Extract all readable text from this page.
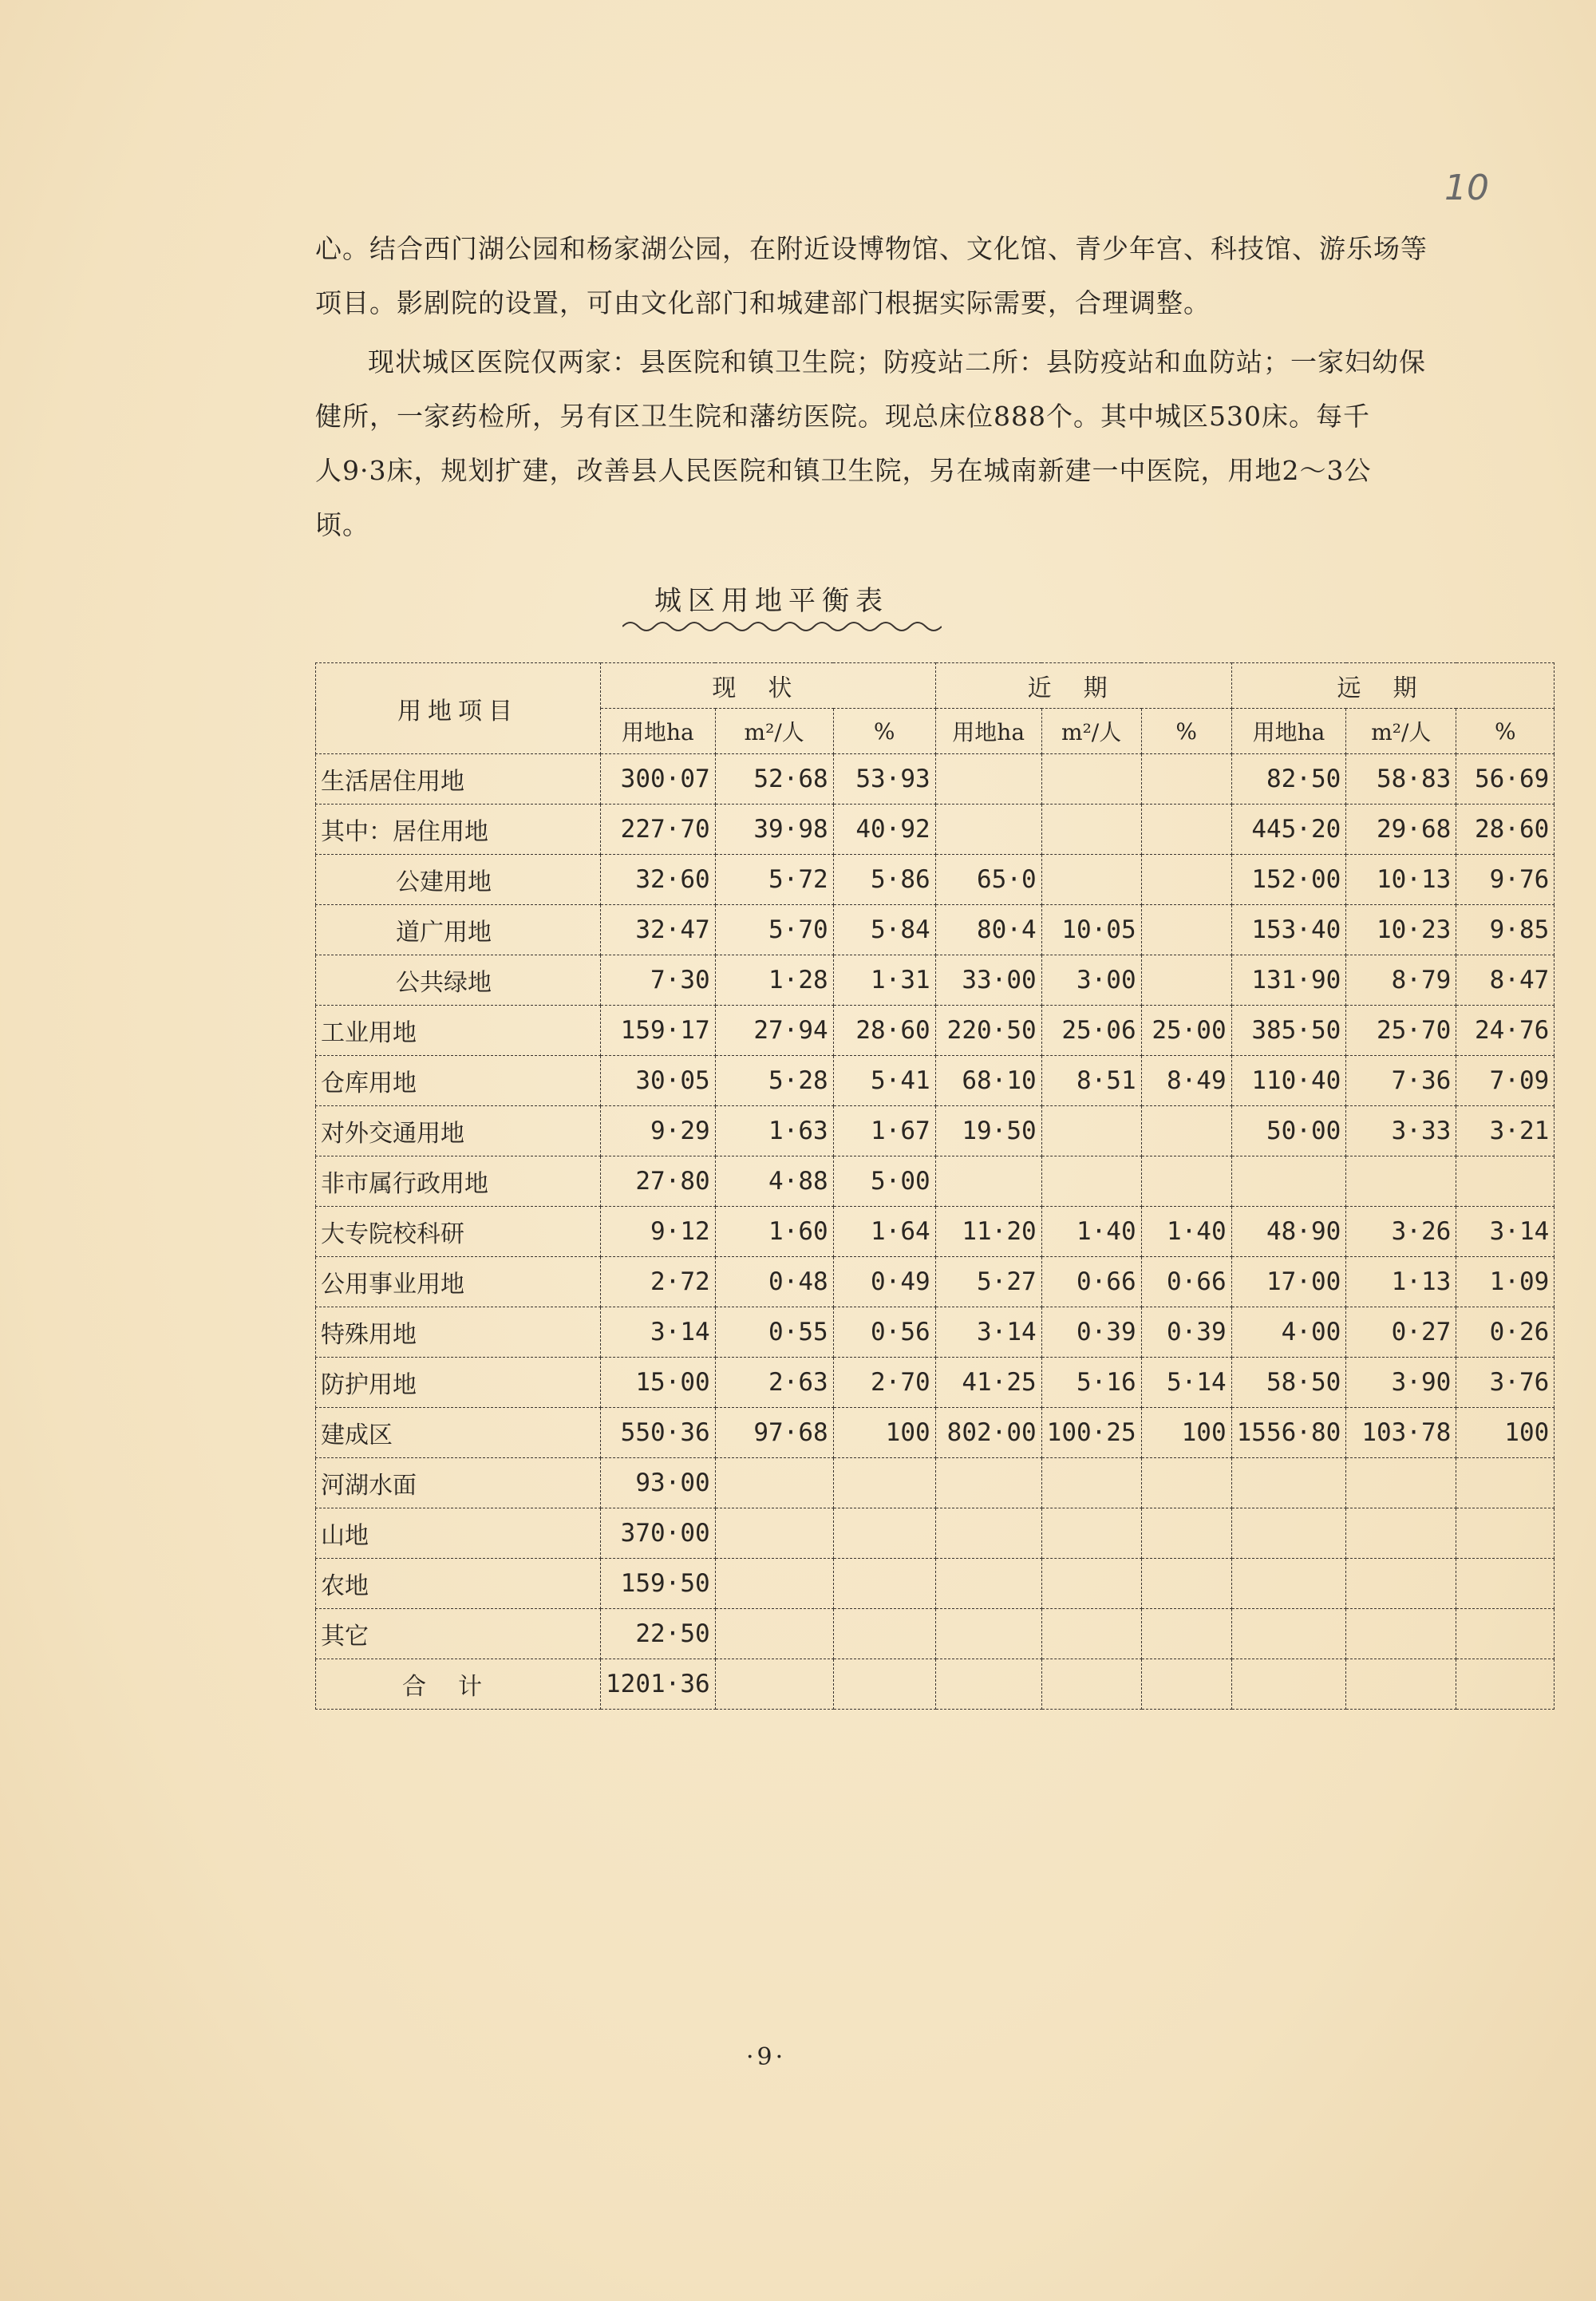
10

心。结合西门湖公园和杨家湖公园，在附近设博物馆、文化馆、青少年宫、科技馆、游乐场等

项目。影剧院的设置，可由文化部门和城建部门根据实际需要，合理调整。

现状城区医院仅两家：县医院和镇卫生院；防疫站二所：县防疫站和血防站；一家妇幼保

健所，一家药检所，另有区卫生院和藩纺医院。现总床位888个。其中城区530床。每千

人9·3床，规划扩建，改善县人民医院和镇卫生院，另在城南新建一中医院，用地2～3公

顷。

城区用地平衡表
用地项目	现状			近期			远期		
	用地ha	m²/人	%	用地ha	m²/人	%	用地ha	m²/人	%
生活居住用地	300·07	52·68	53·93				82·50	58·83	56·69
其中：居住用地	227·70	39·98	40·92				445·20	29·68	28·60
公建用地	32·60	5·72	5·86	65·0			152·00	10·13	9·76
道广用地	32·47	5·70	5·84	80·4	10·05		153·40	10·23	9·85
公共绿地	7·30	1·28	1·31	33·00	3·00		131·90	8·79	8·47
工业用地	159·17	27·94	28·60	220·50	25·06	25·00	385·50	25·70	24·76
仓库用地	30·05	5·28	5·41	68·10	8·51	8·49	110·40	7·36	7·09
对外交通用地	9·29	1·63	1·67	19·50			50·00	3·33	3·21
非市属行政用地	27·80	4·88	5·00						
大专院校科研	9·12	1·60	1·64	11·20	1·40	1·40	48·90	3·26	3·14
公用事业用地	2·72	0·48	0·49	5·27	0·66	0·66	17·00	1·13	1·09
特殊用地	3·14	0·55	0·56	3·14	0·39	0·39	4·00	0·27	0·26
防护用地	15·00	2·63	2·70	41·25	5·16	5·14	58·50	3·90	3·76
建成区	550·36	97·68	100	802·00	100·25	100	1556·80	103·78	100
河湖水面	93·00								
山地	370·00								
农地	159·50								
其它	22·50								
合计	1201·36								
·9·
